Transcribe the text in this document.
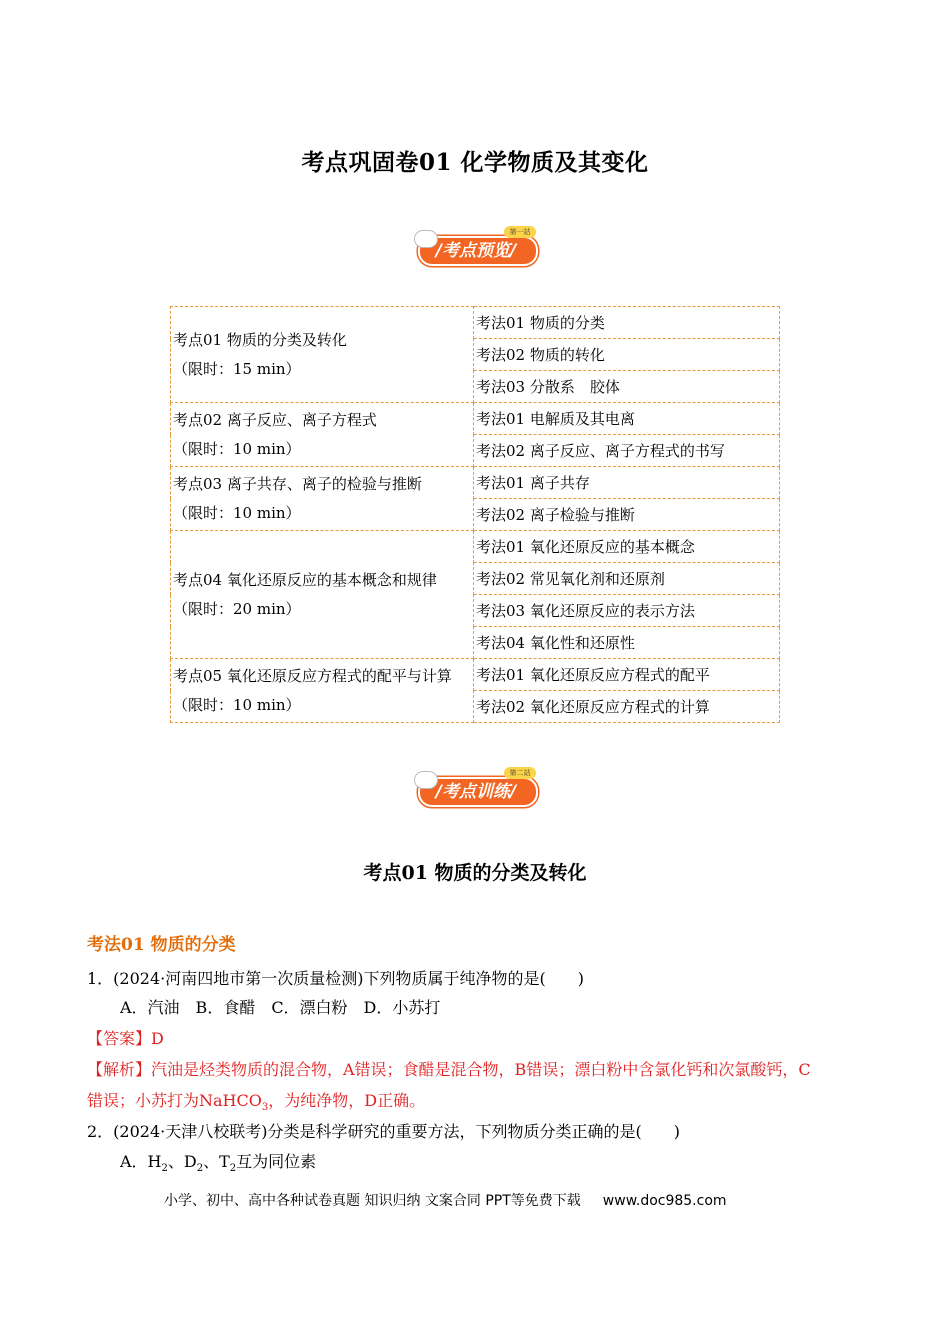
考点巩固卷01 化学物质及其变化
第一站
/考点预览/
考点01 物质的分类及转化
（限时：15 min）	考法01 物质的分类
	考法02 物质的转化
	考法03 分散系　胶体

考点02 离子反应、离子方程式
（限时：10 min）	考法01 电解质及其电离
	考法02 离子反应、离子方程式的书写

考点03 离子共存、离子的检验与推断
（限时：10 min）	考法01 离子共存
	考法02 离子检验与推断

考点04 氧化还原反应的基本概念和规律
（限时：20 min）	考法01 氧化还原反应的基本概念
	考法02 常见氧化剂和还原剂
	考法03 氧化还原反应的表示方法
	考法04 氧化性和还原性

考点05 氧化还原反应方程式的配平与计算
（限时：10 min）	考法01 氧化还原反应方程式的配平
	考法02 氧化还原反应方程式的计算
第二站
/考点训练/
考点01 物质的分类及转化
考法01 物质的分类
1．(2024·河南四地市第一次质量检测)下列物质属于纯净物的是(　　)
A．汽油　B．食醋　C．漂白粉　D．小苏打
【答案】D
【解析】汽油是烃类物质的混合物，A错误；食醋是混合物，B错误；漂白粉中含氯化钙和次氯酸钙，C
错误；小苏打为NaHCO$_3$，为纯净物，D正确。
2．(2024·天津八校联考)分类是科学研究的重要方法，下列物质分类正确的是(　　)
A．$H_2$、$D_2$、$T_2$互为同位素
小学、初中、高中各种试卷真题 知识归纳 文案合同 PPT等免费下载 www.doc985.com
